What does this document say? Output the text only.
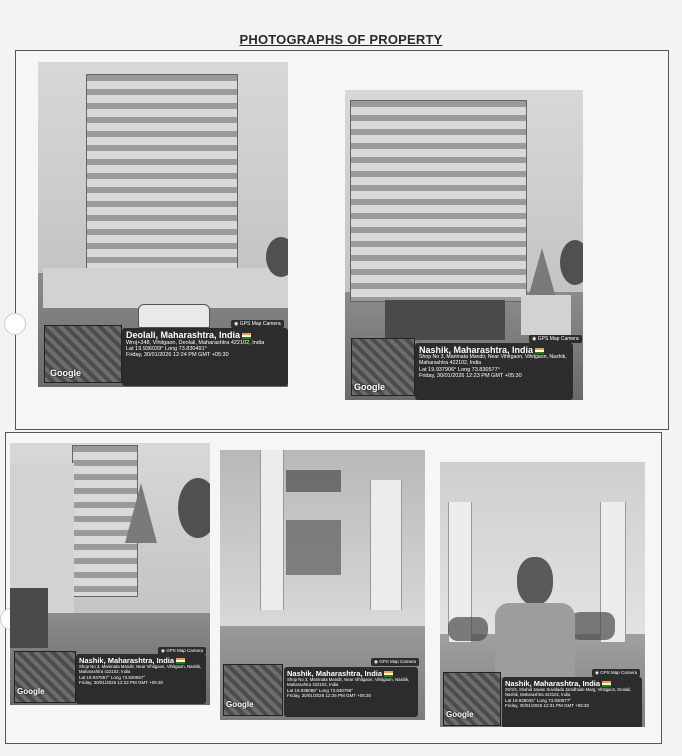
PHOTOGRAPHS OF PROPERTY
Google
◉ GPS Map Camera
Deolali, Maharashtra, India
Wroj+348, Vihitgaon, Deolali, Maharashtra 422102, India
Lat 19.936039° Long 73.830491°
Friday, 30/01/2026 12:24 PM GMT +05:30
Google
◉ GPS Map Camera
Nashik, Maharashtra, India
Shop No 3, Marimata Mandir, Near Vihitgaon, Vihitgaon, Nashik, Maharashtra 422102, India
Lat 19.937906° Long 73.830577°
Friday, 30/01/2026 12:23 PM GMT +05:30
Google
◉ GPS Map Camera
Nashik, Maharashtra, India
Shop No 3, Marimata Mandir, Near Vihitgaon, Vihitgaon, Nashik, Maharashtra 422102, India
Lat 19.937657° Long 73.830657°
Friday, 30/01/2026 12:22 PM GMT +05:30
Google
◉ GPS Map Camera
Nashik, Maharashtra, India
Shop No 3, Marimata Mandir, Near Vihitgaon, Vihitgaon, Nashik, Maharashtra 422102, India
Lat 19.938088° Long 73.830759°
Friday, 30/01/2026 12:25 PM GMT +05:30
Google
◉ GPS Map Camera
Nashik, Maharashtra, India
29/1/6, Shahid Jawan Suvidada Jamdhade Marg, Vihitgaon, Deolali, Nashik, Maharashtra 422102, India
Lat 19.938035° Long 73.830877°
Friday, 30/01/2026 12:31 PM GMT +05:30
